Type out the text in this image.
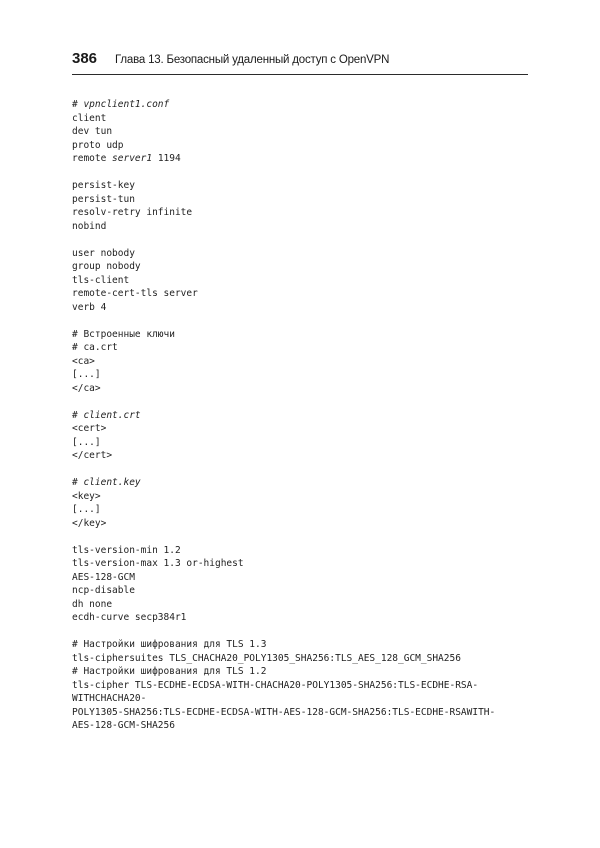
386 Глава 13. Безопасный удаленный доступ с OpenVPN
# vpnclient1.conf
client
dev tun
proto udp
remote server1 1194
persist-key
persist-tun
resolv-retry infinite
nobind
user nobody
group nobody
tls-client
remote-cert-tls server
verb 4
# Встроенные ключи
# ca.crt
<ca>
[...]
</ca>
# client.crt
<cert>
[...]
</cert>
# client.key
<key>
[...]
</key>
tls-version-min 1.2
tls-version-max 1.3 or-highest
AES-128-GCM
ncp-disable
dh none
ecdh-curve secp384r1
# Настройки шифрования для TLS 1.3
tls-ciphersuites TLS_CHACHA20_POLY1305_SHA256:TLS_AES_128_GCM_SHA256
# Настройки шифрования для TLS 1.2
tls-cipher TLS-ECDHE-ECDSA-WITH-CHACHA20-POLY1305-SHA256:TLS-ECDHE-RSA-
WITHCHACHA20-
POLY1305-SHA256:TLS-ECDHE-ECDSA-WITH-AES-128-GCM-SHA256:TLS-ECDHE-RSAWITH-
AES-128-GCM-SHA256
